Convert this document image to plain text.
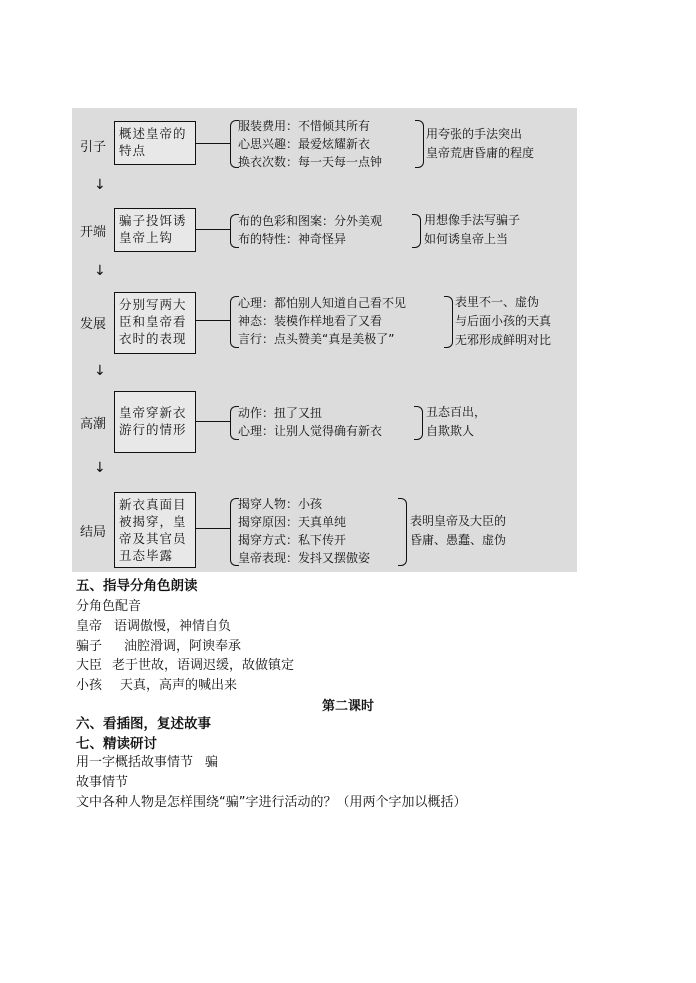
引子
概述皇帝的特点
服装费用：不惜倾其所有
心思兴趣：最爱炫耀新衣
换衣次数：每一天每一点钟
用夸张的手法突出
皇帝荒唐昏庸的程度
↓
开端
骗子投饵诱皇帝上钩
布的色彩和图案：分外美观
布的特性：神奇怪异
用想像手法写骗子
如何诱皇帝上当
↓
发展
分别写两大臣和皇帝看衣时的表现
心理：都怕别人知道自己看不见
神态：装模作样地看了又看
言行：点头赞美“真是美极了”
表里不一、虚伪
与后面小孩的天真
无邪形成鲜明对比
↓
高潮
皇帝穿新衣游行的情形
动作：扭了又扭
心理：让别人觉得确有新衣
丑态百出，
自欺欺人
↓
结局
新衣真面目被揭穿，皇帝及其官员丑态毕露
揭穿人物：小孩
揭穿原因：天真单纯
揭穿方式：私下传开
皇帝表现：发抖又摆傲姿
表明皇帝及大臣的
昏庸、愚蠢、虚伪
五、指导分角色朗读
分角色配音
皇帝 语调傲慢，神情自负
骗子 油腔滑调，阿谀奉承
大臣 老于世故，语调迟缓，故做镇定
小孩 天真，高声的喊出来
第二课时
六、看插图，复述故事
七、精读研讨
用一字概括故事情节 骗
故事情节
文中各种人物是怎样围绕“骗”字进行活动的？（用两个字加以概括）
